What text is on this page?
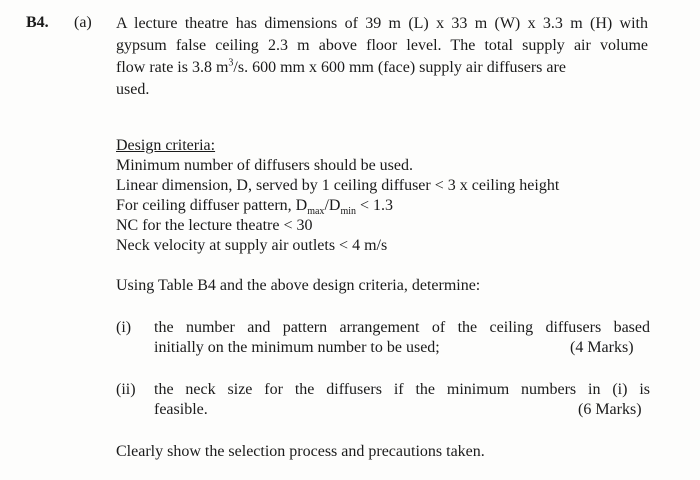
B4. (a) A lecture theatre has dimensions of 39 m (L) x 33 m (W) x 3.3 m (H) with
gypsum false ceiling 2.3 m above floor level. The total supply air volume
flow rate is 3.8 $m^3/s$. 600 mm x 600 mm (face) supply air diffusers are
used.
Design criteria:
Minimum number of diffusers should be used.
Linear dimension, D, served by 1 ceiling diffuser < 3 x ceiling height
For ceiling diffuser pattern, $D_{max}/D_{min} < 1.3$
NC for the lecture theatre < 30
Neck velocity at supply air outlets < 4 m/s
Using Table B4 and the above design criteria, determine:
(i) the number and pattern arrangement of the ceiling diffusers based
initially on the minimum number to be used;	(4 Marks)
(ii) the neck size for the diffusers if the minimum numbers in (i) is
feasible.	(6 Marks)
Clearly show the selection process and precautions taken.
